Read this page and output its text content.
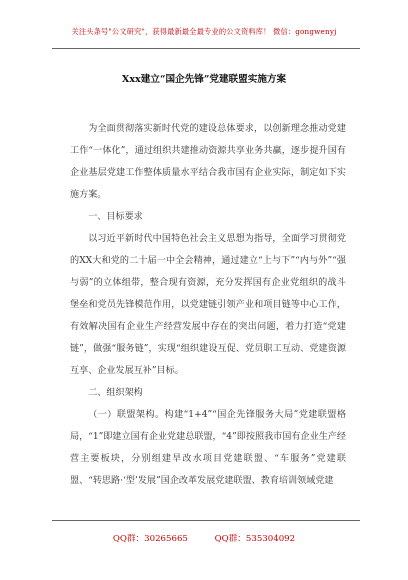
关注头条号"公文研究"，获得最新最全最专业的公文资料库！ 微信：gongwenyj
Xxx建立“国企先锋”党建联盟实施方案

为全面贯彻落实新时代党的建设总体要求，以创新理念推动党建工作“一体化”，通过组织共建推动资源共享业务共赢，逐步提升国有企业基层党建工作整体质量水平结合我市国有企业实际，制定如下实施方案。

一、目标要求

以习近平新时代中国特色社会主义思想为指导，全面学习贯彻党的XX大和党的二十届一中全会精神，通过建立“上与下”“内与外”“强与弱”的立体组带，整合现有资源，充分发挥国有企业党组织的战斗堡垒和党员先锋模范作用，以党建链引领产业和项目链等中心工作，有效解决国有企业生产经营发展中存在的突出问题，着力打造“党建链”，做强“服务链”，实现“组织建设互促、党员职工互动、党建资源互享、企业发展互补”目标。

二、组织架构

（一）联盟架构。构建“1+4”“国企先锋服务大局”党建联盟格局，“1”即建立国有企业党建总联盟，“4”即按照我市国有企业生产经营主要板块，分别组建旱改水项目党建联盟、“车服务”党建联盟、“转思路·‘型’发展”国企改革发展党建联盟、教育培训领域党建

QQ群：30265665	QQ群：535304092
